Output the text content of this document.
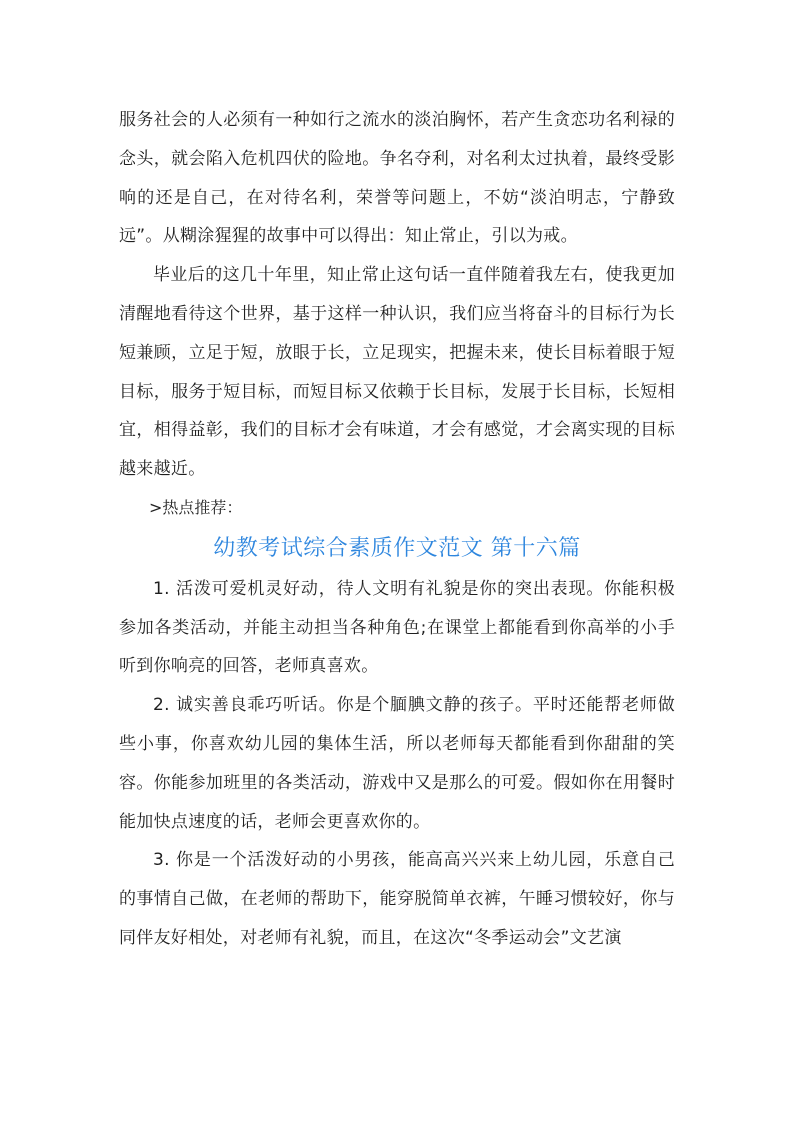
服务社会的人必须有一种如行之流水的淡泊胸怀，若产生贪恋功名利禄的念头，就会陷入危机四伏的险地。争名夺利，对名利太过执着，最终受影响的还是自己，在对待名利，荣誉等问题上，不妨“淡泊明志，宁静致远”。从糊涂猩猩的故事中可以得出：知止常止，引以为戒。

毕业后的这几十年里，知止常止这句话一直伴随着我左右，使我更加清醒地看待这个世界，基于这样一种认识，我们应当将奋斗的目标行为长短兼顾，立足于短，放眼于长，立足现实，把握未来，使长目标着眼于短目标，服务于短目标，而短目标又依赖于长目标，发展于长目标，长短相宜，相得益彰，我们的目标才会有味道，才会有感觉，才会离实现的目标越来越近。

>热点推荐：

幼教考试综合素质作文范文 第十六篇

1. 活泼可爱机灵好动，待人文明有礼貌是你的突出表现。你能积极参加各类活动，并能主动担当各种角色;在课堂上都能看到你高举的小手听到你响亮的回答，老师真喜欢。

2. 诚实善良乖巧听话。你是个腼腆文静的孩子。平时还能帮老师做些小事，你喜欢幼儿园的集体生活，所以老师每天都能看到你甜甜的笑容。你能参加班里的各类活动，游戏中又是那么的可爱。假如你在用餐时能加快点速度的话，老师会更喜欢你的。

3. 你是一个活泼好动的小男孩，能高高兴兴来上幼儿园，乐意自己的事情自己做，在老师的帮助下，能穿脱简单衣裤，午睡习惯较好，你与同伴友好相处，对老师有礼貌，而且，在这次“冬季运动会”文艺演
